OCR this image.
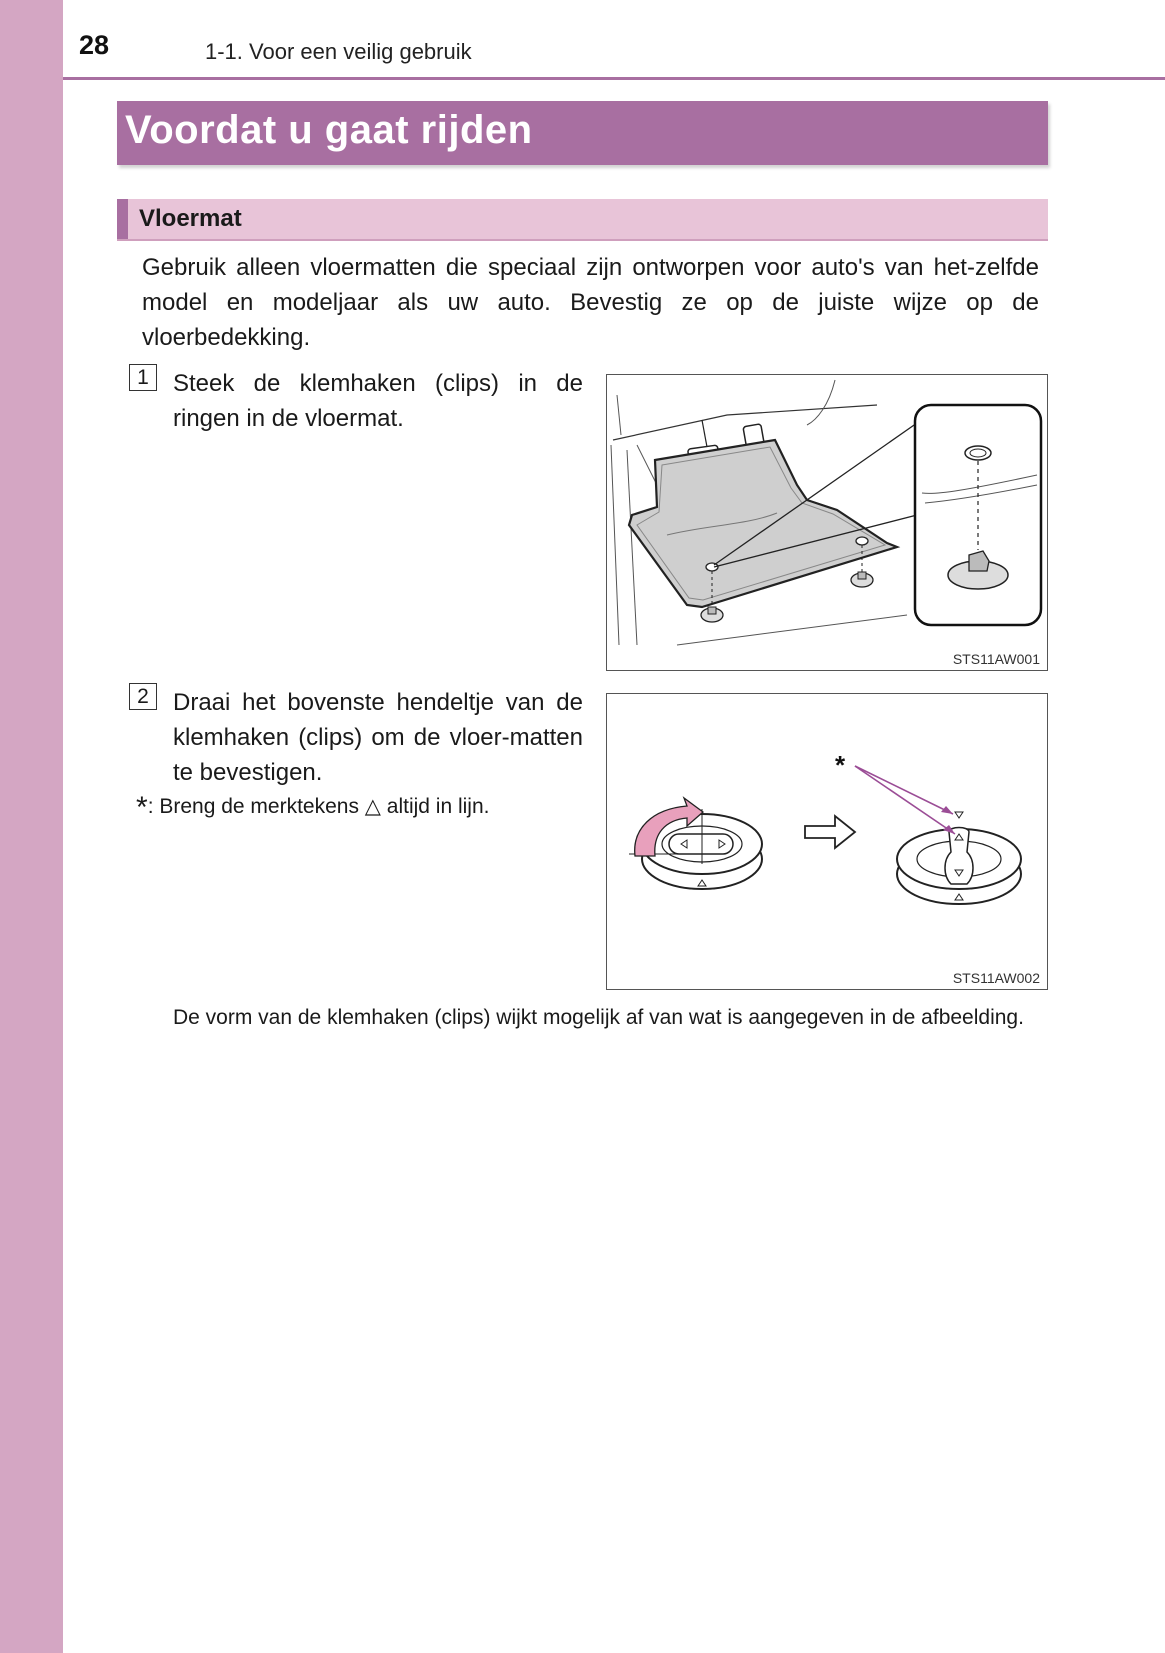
28	1-1. Voor een veilig gebruik
Voordat u gaat rijden
Vloermat

Gebruik alleen vloermatten die speciaal zijn ontworpen voor auto's van het-zelfde model en modeljaar als uw auto. Bevestig ze op de juiste wijze op de vloerbedekking.

1	Steek de klemhaken (clips) in de ringen in de vloermat.

STS11AW001
2	Draai het bovenste hendeltje van de klemhaken (clips) om de vloer-matten te bevestigen.

*: Breng de merktekens △ altijd in lijn.
*
STS11AW002

De vorm van de klemhaken (clips) wijkt mogelijk af van wat is aangegeven in de afbeelding.
